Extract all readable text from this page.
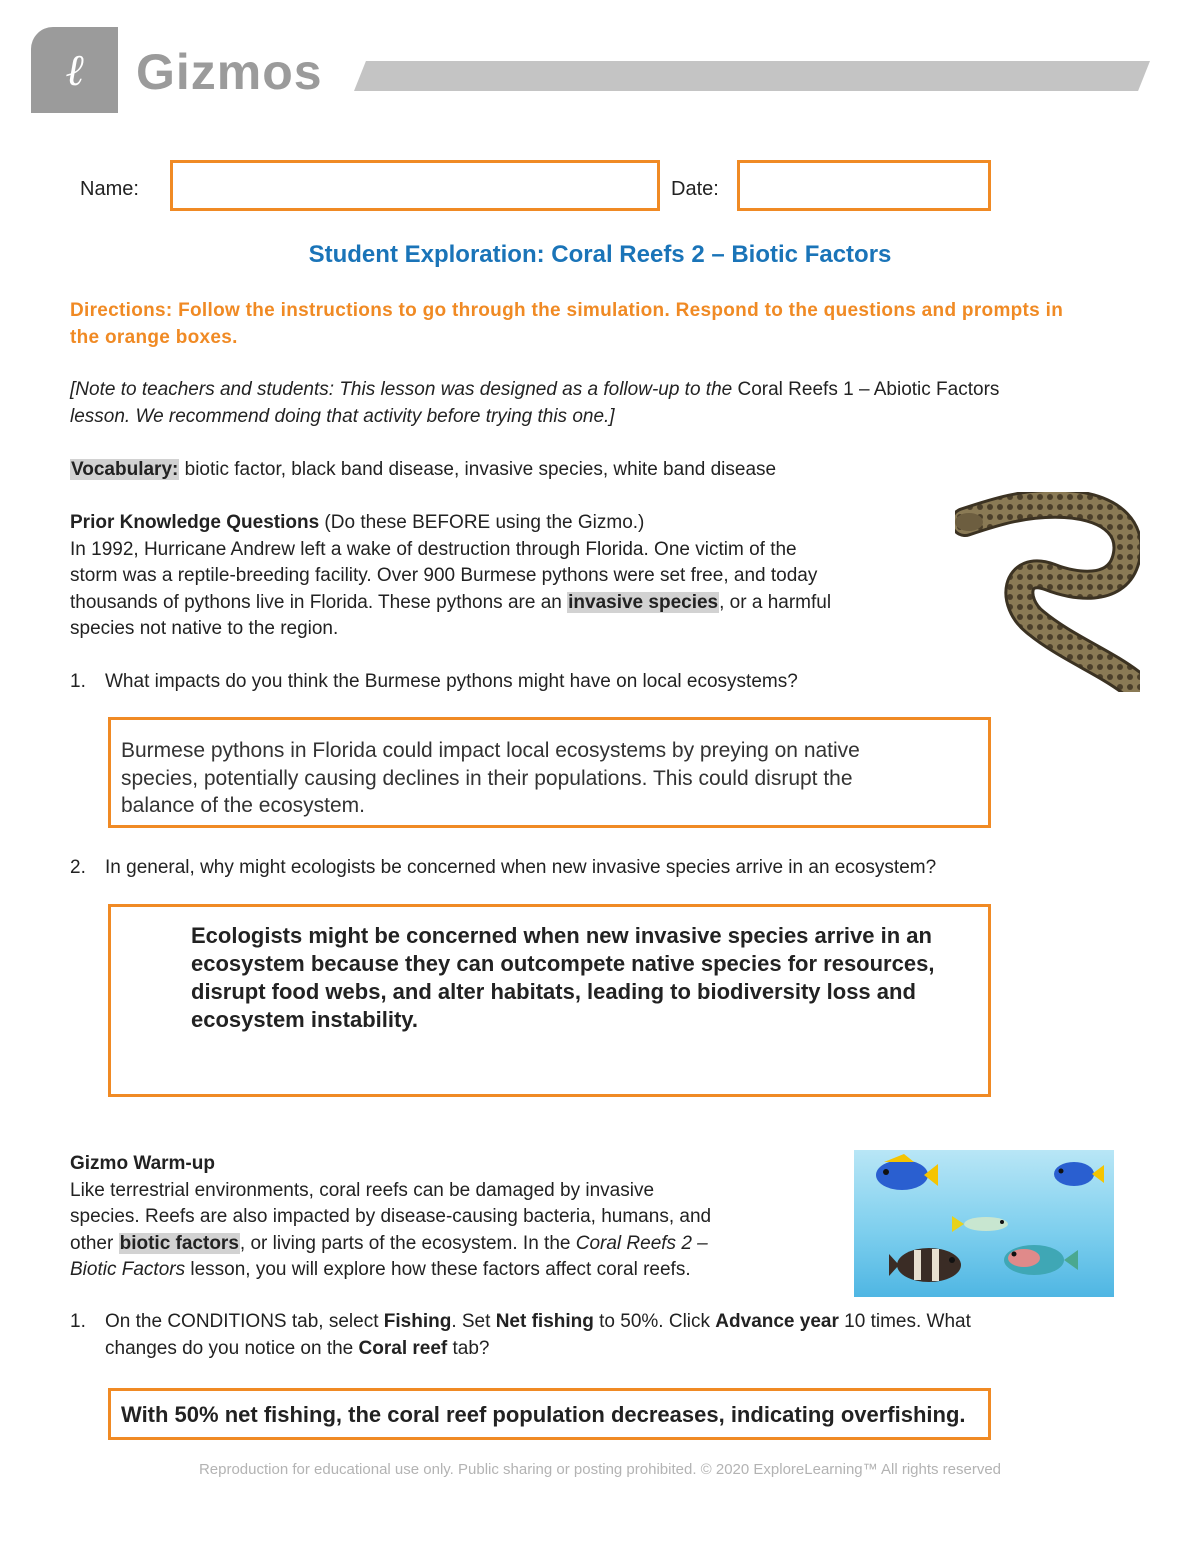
ℓ Gizmos
Name:	Date:
Student Exploration: Coral Reefs 2 – Biotic Factors
Directions: Follow the instructions to go through the simulation. Respond to the questions and prompts in the orange boxes.
[Note to teachers and students: This lesson was designed as a follow-up to the Coral Reefs 1 – Abiotic Factors
lesson. We recommend doing that activity before trying this one.]
Vocabulary: biotic factor, black band disease, invasive species, white band disease
Prior Knowledge Questions (Do these BEFORE using the Gizmo.)
In 1992, Hurricane Andrew left a wake of destruction through Florida. One victim of the
storm was a reptile-breeding facility. Over 900 Burmese pythons were set free, and today
thousands of pythons live in Florida. These pythons are an invasive species, or a harmful
species not native to the region.
1. What impacts do you think the Burmese pythons might have on local ecosystems?
Burmese pythons in Florida could impact local ecosystems by preying on native
species, potentially causing declines in their populations. This could disrupt the
balance of the ecosystem.
2. In general, why might ecologists be concerned when new invasive species arrive in an ecosystem?
Ecologists might be concerned when new invasive species arrive in an
ecosystem because they can outcompete native species for resources,
disrupt food webs, and alter habitats, leading to biodiversity loss and
ecosystem instability.
Gizmo Warm-up
Like terrestrial environments, coral reefs can be damaged by invasive
species. Reefs are also impacted by disease-causing bacteria, humans, and
other biotic factors, or living parts of the ecosystem. In the Coral Reefs 2 –
Biotic Factors lesson, you will explore how these factors affect coral reefs.
1. On the CONDITIONS tab, select Fishing. Set Net fishing to 50%. Click Advance year 10 times. What
changes do you notice on the Coral reef tab?
With 50% net fishing, the coral reef population decreases, indicating overfishing.
Reproduction for educational use only. Public sharing or posting prohibited. © 2020 ExploreLearning™ All rights reserved
